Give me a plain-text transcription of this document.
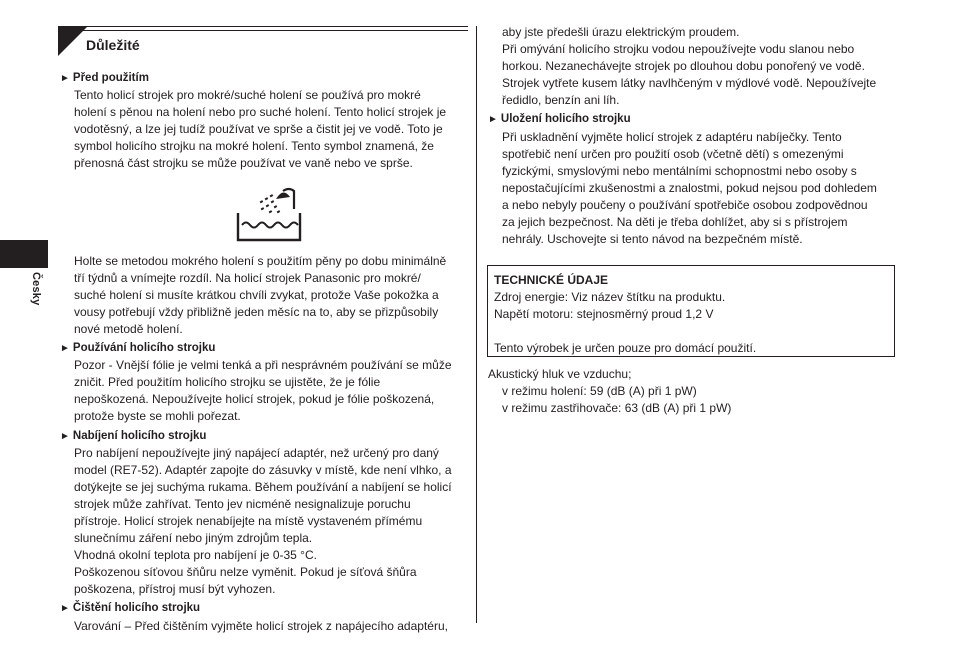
Česky
Důležité
► Před použitím
Tento holicí strojek pro mokré/suché holení se používá pro mokré
holení s pěnou na holení nebo pro suché holení. Tento holicí strojek je
vodotěsný, a lze jej tudíž používat ve sprše a čistit jej ve vodě. Toto je
symbol holicího strojku na mokré holení. Tento symbol znamená, že
přenosná část strojku se může používat ve vaně nebo ve sprše.
Holte se metodou mokrého holení s použitím pěny po dobu minimálně
tří týdnů a vnímejte rozdíl. Na holicí strojek Panasonic pro mokré/
suché holení si musíte krátkou chvíli zvykat, protože Vaše pokožka a
vousy potřebují vždy přibližně jeden měsíc na to, aby se přizpůsobily
nové metodě holení.
► Používání holicího strojku
Pozor - Vnější fólie je velmi tenká a při nesprávném používání se může
zničit. Před použitím holicího strojku se ujistěte, že je fólie
nepoškozená. Nepoužívejte holicí strojek, pokud je fólie poškozená,
protože byste se mohli pořezat.
► Nabíjení holicího strojku
Pro nabíjení nepoužívejte jiný napájecí adaptér, než určený pro daný
model (RE7-52). Adaptér zapojte do zásuvky v místě, kde není vlhko, a
dotýkejte se jej suchýma rukama. Během používání a nabíjení se holicí
strojek může zahřívat. Tento jev nicméně nesignalizuje poruchu
přístroje. Holicí strojek nenabíjejte na místě vystaveném přímému
slunečnímu záření nebo jiným zdrojům tepla.
Vhodná okolní teplota pro nabíjení je 0-35 °C.
Poškozenou síťovou šňůru nelze vyměnit. Pokud je síťová šňůra
poškozena, přístroj musí být vyhozen.
► Čištění holicího strojku
Varování – Před čištěním vyjměte holicí strojek z napájecího adaptéru,
aby jste předešli úrazu elektrickým proudem.
Při omývání holicího strojku vodou nepoužívejte vodu slanou nebo
horkou. Nezanechávejte strojek po dlouhou dobu ponořený ve vodě.
Strojek vytřete kusem látky navlhčeným v mýdlové vodě. Nepoužívejte
ředidlo, benzín ani líh.
► Uložení holicího strojku
Při uskladnění vyjměte holicí strojek z adaptéru nabíječky. Tento
spotřebič není určen pro použití osob (včetně dětí) s omezenými
fyzickými, smyslovými nebo mentálními schopnostmi nebo osoby s
nepostačujícími zkušenostmi a znalostmi, pokud nejsou pod dohledem
a nebo nebyly poučeny o používání spotřebiče osobou zodpovědnou
za jejich bezpečnost. Na děti je třeba dohlížet, aby si s přístrojem
nehrály. Uschovejte si tento návod na bezpečném místě.
TECHNICKÉ ÚDAJE
Zdroj energie: Viz název štítku na produktu.
Napětí motoru: stejnosměrný proud 1,2 V

Tento výrobek je určen pouze pro domácí použití.
Akustický hluk ve vzduchu;
v režimu holení: 59 (dB (A) při 1 pW)
v režimu zastřihovače: 63 (dB (A) při 1 pW)
